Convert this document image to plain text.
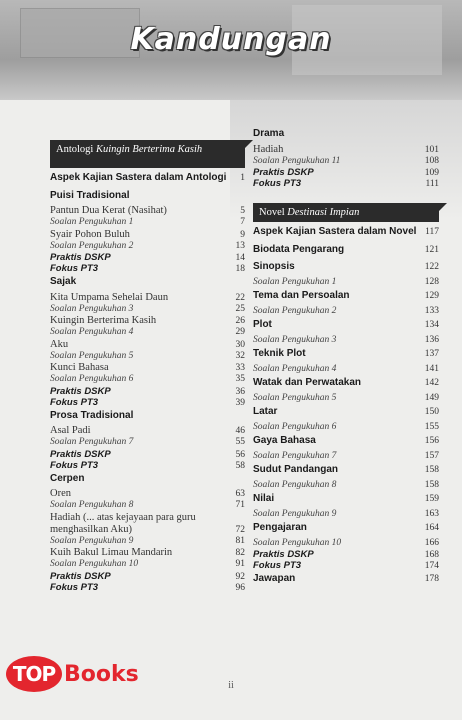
Kandungan
Antologi Kuingin Berterima Kasih
Aspek Kajian Sastera dalam Antologi 1
Puisi Tradisional
Pantun Dua Kerat (Nasihat)	5
Soalan Pengukuhan 1	7
Syair Pohon Buluh	9
Soalan Pengukuhan 2	13
Praktis DSKP	14
Fokus PT3	18
Sajak
Kita Umpama Sehelai Daun	22
Soalan Pengukuhan 3	25
Kuingin Berterima Kasih	26
Soalan Pengukuhan 4	29
Aku	30
Soalan Pengukuhan 5	32
Kunci Bahasa	33
Soalan Pengukuhan 6	35
Praktis DSKP	36
Fokus PT3	39
Prosa Tradisional
Asal Padi	46
Soalan Pengukuhan 7	55
Praktis DSKP	56
Fokus PT3	58
Cerpen
Oren	63
Soalan Pengukuhan 8	71
Hadiah (... atas kejayaan para guru
menghasilkan Aku)	72
Soalan Pengukuhan 9	81
Kuih Bakul Limau Mandarin	82
Soalan Pengukuhan 10	91
Praktis DSKP	92
Fokus PT3	96
Drama
Hadiah	101
Soalan Pengukuhan 11	108
Praktis DSKP	109
Fokus PT3	111
Novel Destinasi Impian
Aspek Kajian Sastera dalam Novel 117
Biodata Pengarang	121
Sinopsis	122
Soalan Pengukuhan 1	128
Tema dan Persoalan	129
Soalan Pengukuhan 2	133
Plot	134
Soalan Pengukuhan 3	136
Teknik Plot	137
Soalan Pengukuhan 4	141
Watak dan Perwatakan	142
Soalan Pengukuhan 5	149
Latar	150
Soalan Pengukuhan 6	155
Gaya Bahasa	156
Soalan Pengukuhan 7	157
Sudut Pandangan	158
Soalan Pengukuhan 8	158
Nilai	159
Soalan Pengukuhan 9	163
Pengajaran	164
Soalan Pengukuhan 10	166
Praktis DSKP	168
Fokus PT3	174
Jawapan	178
ii
TOP Books
